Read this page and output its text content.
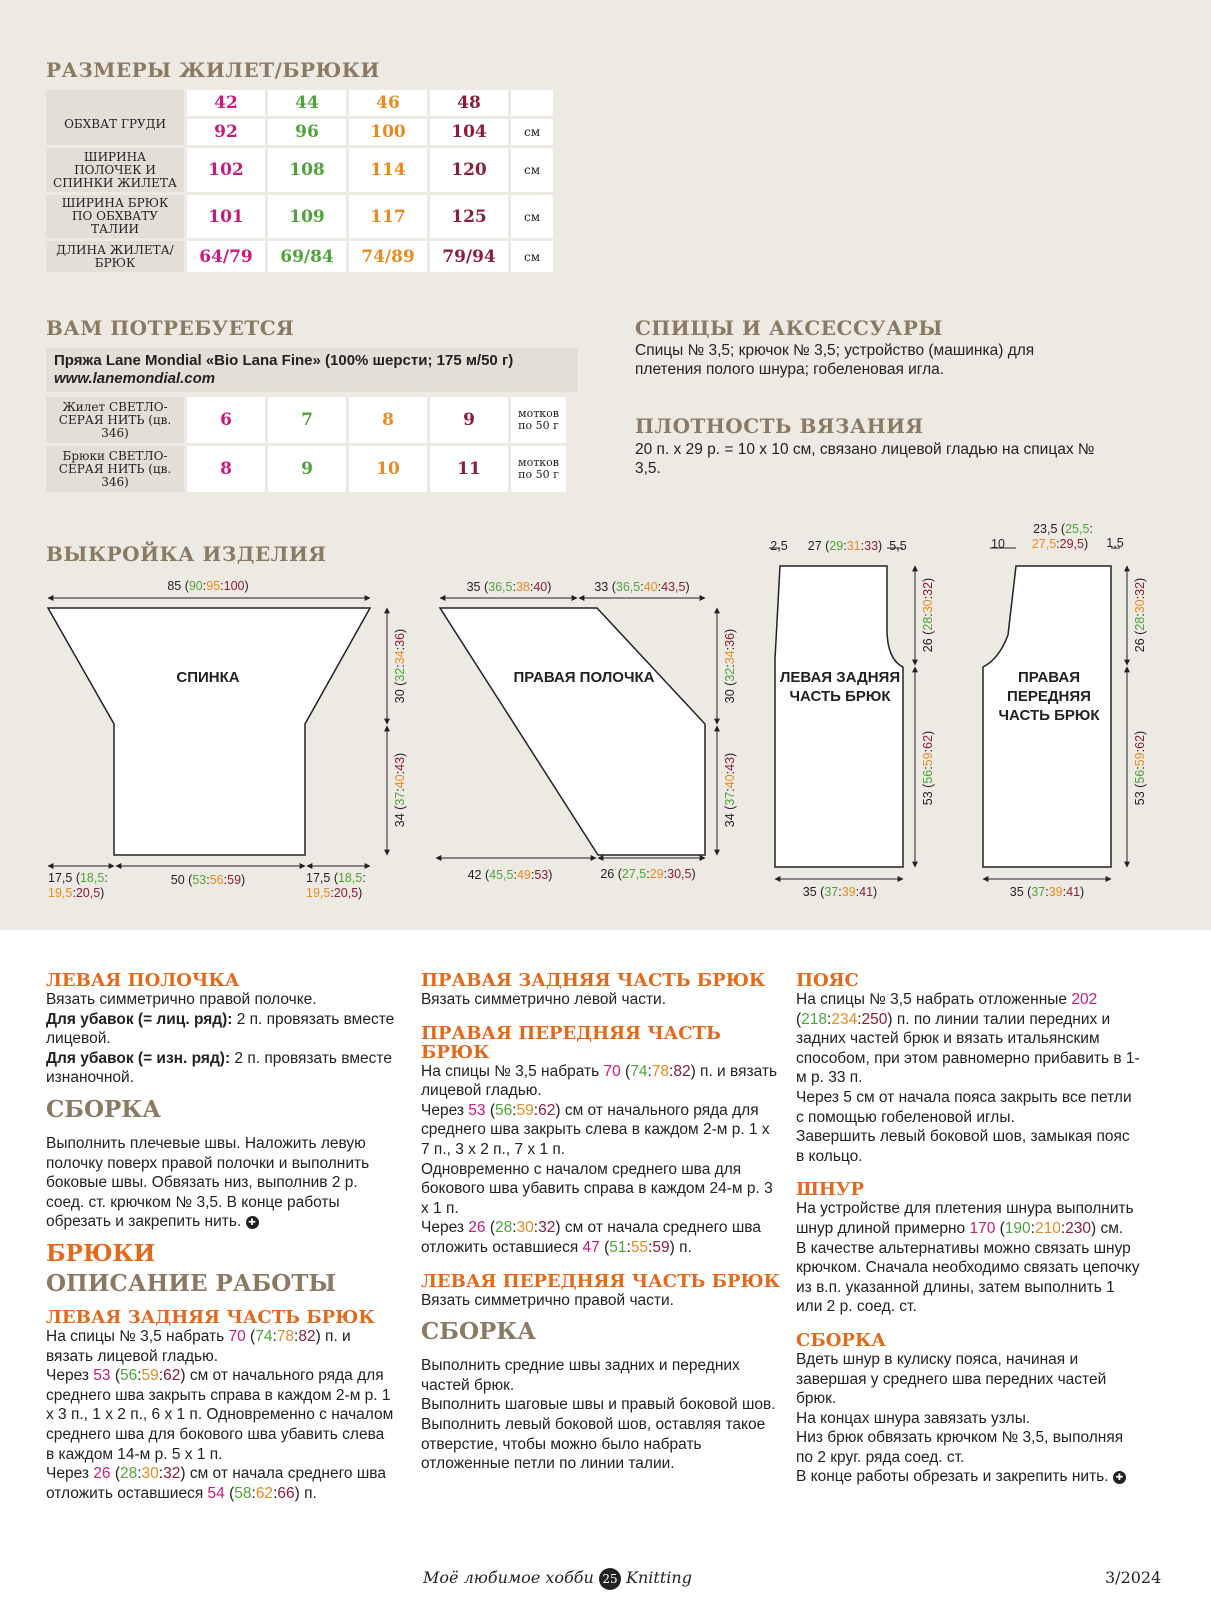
РАЗМЕРЫ ЖИЛЕТ/БРЮКИ
ОБХВАТ ГРУДИ	42	44	46	48	
	92	96	100	104	см
ШИРИНА ПОЛОЧЕК И СПИНКИ ЖИЛЕТА	102	108	114	120	см
ШИРИНА БРЮК ПО ОБХВАТУ ТАЛИИ	101	109	117	125	см
ДЛИНА ЖИЛЕТА/ БРЮК	64/79	69/84	74/89	79/94	см
ВАМ ПОТРЕБУЕТСЯ
Пряжа Lane Mondial «Bio Lana Fine» (100% шерсти; 175 м/50 г)
www.lanemondial.com
Жилет СВЕТЛО-СЕРАЯ НИТЬ (цв. 346)	6	7	8	9	мотков по 50 г
Брюки СВЕТЛО-СЕРАЯ НИТЬ (цв. 346)	8	9	10	11	мотков по 50 г
СПИЦЫ И АКСЕССУАРЫ
Спицы № 3,5; крючок № 3,5; устройство (машинка) для плетения полого шнура; гобеленовая игла.
ПЛОТНОСТЬ ВЯЗАНИЯ
20 п. х 29 р. = 10 х 10 см, связано лицевой гладью на спицах № 3,5.
ВЫКРОЙКА ИЗДЕЛИЯ
СПИНКА	ПРАВАЯ ПОЛОЧКА	ЛЕВАЯ ЗАДНЯЯ
ЧАСТЬ БРЮК
ПРАВАЯ
ПЕРЕДНЯЯ
ЧАСТЬ БРЮК
85 (90:95:100)
50 (53:56:59)
35 (36,5:38:40)	33 (36,5:40:43,5)
42 (45,5:49:53)	26 (27,5:29:30,5)
35 (37:39:41)	35 (37:39:41)
27 (29:31:33)
2,5	5,5	10	1,5
23,5 (25,5:
27,5:29,5)
17,5 (18,5:
19,5:20,5)
17,5 (18,5:
19,5:20,5)
30 (32:34:36)
34 (37:40:43)
30 (32:34:36)
34 (37:40:43)
26 (28:30:32)
53 (56:59:62)
26 (28:30:32)
53 (56:59:62)
ЛЕВАЯ ПОЛОЧКА

Вязать симметрично правой полочке.

Для убавок (= лиц. ряд): 2 п. провязать вместе лицевой.

Для убавок (= изн. ряд): 2 п. провязать вместе изнаночной.

СБОРКА

Выполнить плечевые швы. Наложить левую полочку поверх правой полочки и выполнить боковые швы. Обвязать низ, выполнив 2 р. соед. ст. крючком № 3,5. В конце работы обрезать и закрепить нить. ✚

БРЮКИ
ОПИСАНИЕ РАБОТЫ
ЛЕВАЯ ЗАДНЯЯ ЧАСТЬ БРЮК

На спицы № 3,5 набрать 70 (74:78:82) п. и вязать лицевой гладью.

Через 53 (56:59:62) см от начального ряда для среднего шва закрыть справа в каждом 2-м р. 1 x 3 п., 1 x 2 п., 6 x 1 п. Одновременно с началом среднего шва для бокового шва убавить слева в каждом 14-м р. 5 x 1 п.

Через 26 (28:30:32) см от начала среднего шва отложить оставшиеся 54 (58:62:66) п.

ПРАВАЯ ЗАДНЯЯ ЧАСТЬ БРЮК

Вязать симметрично левой части.

ПРАВАЯ ПЕРЕДНЯЯ ЧАСТЬ БРЮК

На спицы № 3,5 набрать 70 (74:78:82) п. и вязать лицевой гладью.

Через 53 (56:59:62) см от начального ряда для среднего шва закрыть слева в каждом 2-м р. 1 x 7 п., 3 x 2 п., 7 x 1 п.

Одновременно с началом среднего шва для бокового шва убавить справа в каждом 24-м р. 3 x 1 п.

Через 26 (28:30:32) см от начала среднего шва отложить оставшиеся 47 (51:55:59) п.

ЛЕВАЯ ПЕРЕДНЯЯ ЧАСТЬ БРЮК

Вязать симметрично правой части.

СБОРКА

Выполнить средние швы задних и передних частей брюк.

Выполнить шаговые швы и правый боковой шов.

Выполнить левый боковой шов, оставляя такое отверстие, чтобы можно было набрать отложенные петли по линии талии.

ПОЯС

На спицы № 3,5 набрать отложенные 202 (218:234:250) п. по линии талии передних и задних частей брюк и вязать итальянским способом, при этом равномерно прибавить в 1-м р. 33 п.

Через 5 см от начала пояса закрыть все петли с помощью гобеленовой иглы.

Завершить левый боковой шов, замыкая пояс в кольцо.

ШНУР

На устройстве для плетения шнура выполнить шнур длиной примерно 170 (190:210:230) см.

В качестве альтернативы можно связать шнур крючком. Сначала необходимо связать цепочку из в.п. указанной длины, затем выполнить 1 или 2 р. соед. ст.

СБОРКА

Вдеть шнур в кулиску пояса, начиная и завершая у среднего шва передних частей брюк.

На концах шнура завязать узлы.

Низ брюк обвязать крючком № 3,5, выполняя по 2 круг. ряда соед. ст.

В конце работы обрезать и закрепить нить. ✚

Моё любимое хобби 25 Knitting	3/2024
